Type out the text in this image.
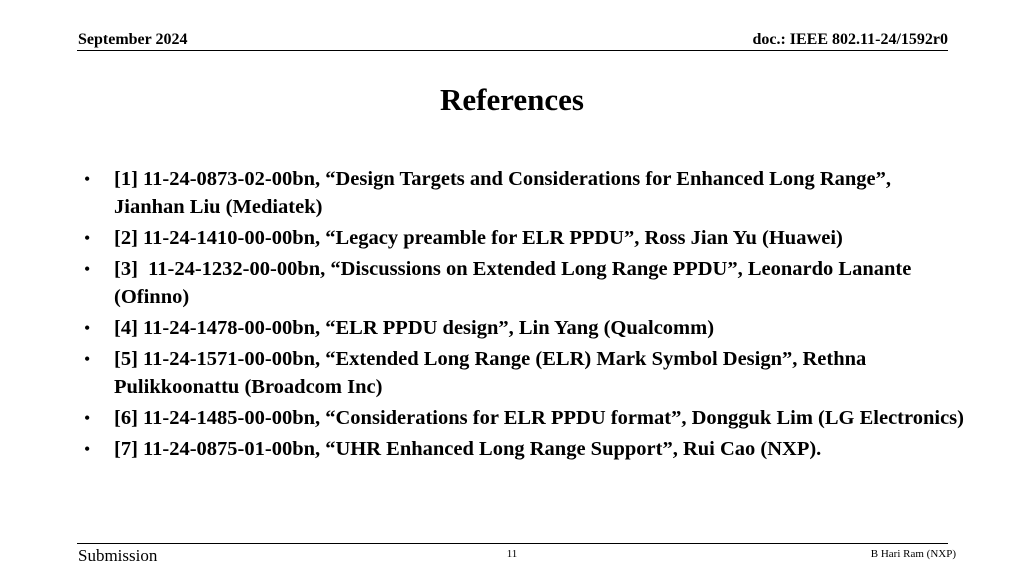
September 2024	doc.: IEEE 802.11-24/1592r0
References
•	[1] 11-24-0873-02-00bn, “Design Targets and Considerations for Enhanced Long Range”, Jianhan Liu (Mediatek)
•	[2] 11-24-1410-00-00bn, “Legacy preamble for ELR PPDU”, Ross Jian Yu (Huawei)
•	[3]  11-24-1232-00-00bn, “Discussions on Extended Long Range PPDU”, Leonardo Lanante (Ofinno)
•	[4] 11-24-1478-00-00bn, “ELR PPDU design”, Lin Yang (Qualcomm)
•	[5] 11-24-1571-00-00bn, “Extended Long Range (ELR) Mark Symbol Design”, Rethna Pulikkoonattu (Broadcom Inc)
•	[6] 11-24-1485-00-00bn, “Considerations for ELR PPDU format”, Dongguk Lim (LG Electronics)
•	[7] 11-24-0875-01-00bn, “UHR Enhanced Long Range Support”, Rui Cao (NXP).
Submission	11	B Hari Ram (NXP)
